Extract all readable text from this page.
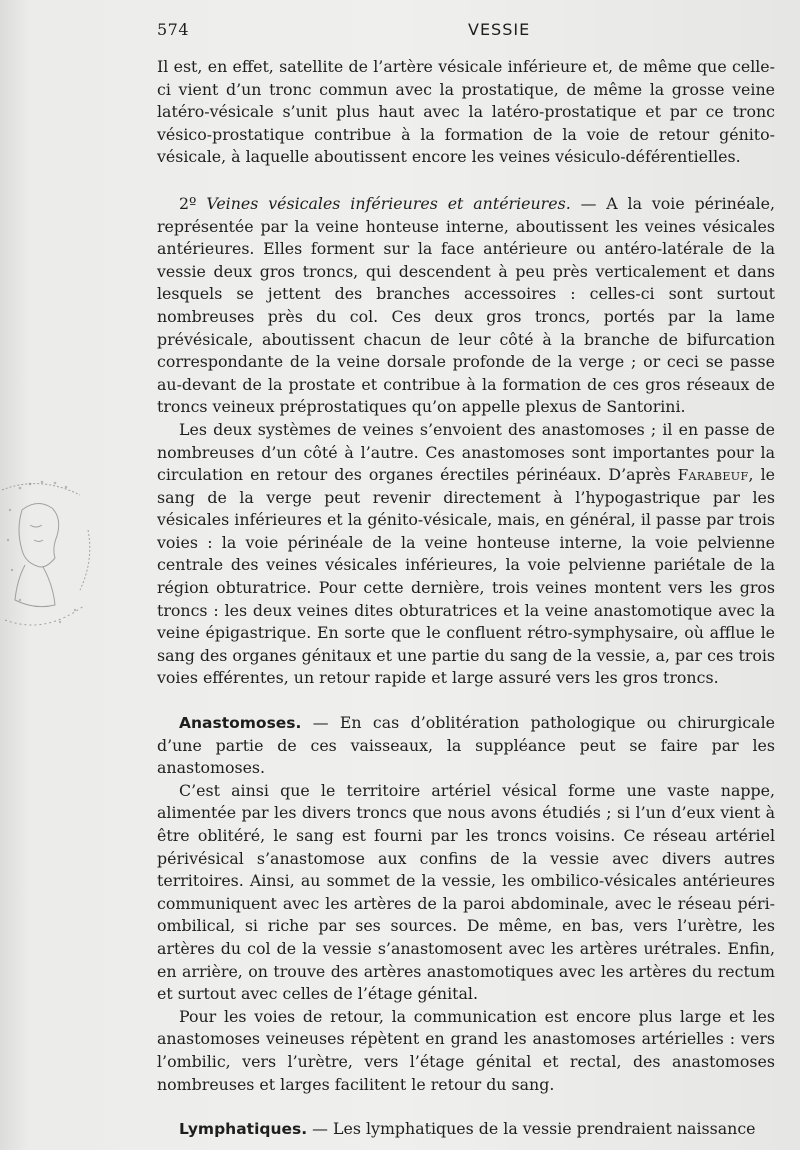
574	VESSIE

Il est, en effet, satellite de l’artère vésicale inférieure et, de même que celle-ci vient d’un tronc commun avec la prostatique, de même la grosse veine latéro-vésicale s’unit plus haut avec la latéro-prostatique et par ce tronc vésico-prostatique contribue à la formation de la voie de retour génito-vésicale, à laquelle aboutissent encore les veines vésiculo-déférentielles.

2º Veines vésicales inférieures et antérieures. — A la voie périnéale, représentée par la veine honteuse interne, aboutissent les veines vésicales antérieures. Elles forment sur la face antérieure ou antéro-latérale de la vessie deux gros troncs, qui descendent à peu près verticalement et dans lesquels se jettent des branches accessoires : celles-ci sont surtout nombreuses près du col. Ces deux gros troncs, portés par la lame prévésicale, aboutissent chacun de leur côté à la branche de bifurcation correspondante de la veine dorsale profonde de la verge ; or ceci se passe au-devant de la prostate et contribue à la formation de ces gros réseaux de troncs veineux préprostatiques qu’on appelle plexus de Santorini.

Les deux systèmes de veines s’envoient des anastomoses ; il en passe de nombreuses d’un côté à l’autre. Ces anastomoses sont importantes pour la circulation en retour des organes érectiles périnéaux. D’après Farabeuf, le sang de la verge peut revenir directement à l’hypogastrique par les vésicales inférieures et la génito-vésicale, mais, en général, il passe par trois voies : la voie périnéale de la veine honteuse interne, la voie pelvienne centrale des veines vésicales inférieures, la voie pelvienne pariétale de la région obturatrice. Pour cette dernière, trois veines montent vers les gros troncs : les deux veines dites obturatrices et la veine anastomotique avec la veine épigastrique. En sorte que le confluent rétro-symphysaire, où afflue le sang des organes génitaux et une partie du sang de la vessie, a, par ces trois voies efférentes, un retour rapide et large assuré vers les gros troncs.

Anastomoses. — En cas d’oblitération pathologique ou chirurgicale d’une partie de ces vaisseaux, la suppléance peut se faire par les anastomoses.

C’est ainsi que le territoire artériel vésical forme une vaste nappe, alimentée par les divers troncs que nous avons étudiés ; si l’un d’eux vient à être oblitéré, le sang est fourni par les troncs voisins. Ce réseau artériel périvésical s’anastomose aux confins de la vessie avec divers autres territoires. Ainsi, au sommet de la vessie, les ombilico-vésicales antérieures communiquent avec les artères de la paroi abdominale, avec le réseau péri-ombilical, si riche par ses sources. De même, en bas, vers l’urètre, les artères du col de la vessie s’anastomosent avec les artères urétrales. Enfin, en arrière, on trouve des artères anastomotiques avec les artères du rectum et surtout avec celles de l’étage génital.

Pour les voies de retour, la communication est encore plus large et les anastomoses veineuses répètent en grand les anastomoses artérielles : vers l’ombilic, vers l’urètre, vers l’étage génital et rectal, des anastomoses nombreuses et larges facilitent le retour du sang.

Lymphatiques. — Les lymphatiques de la vessie prendraient naissance
